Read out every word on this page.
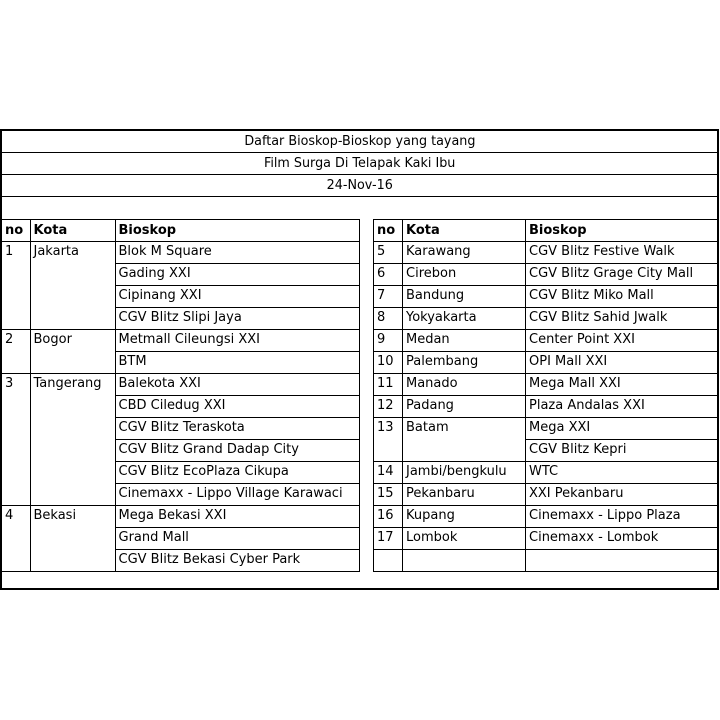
Daftar Bioskop-Bioskop yang tayang
Film Surga Di Telapak Kaki Ibu
24-Nov-16
no	Kota	Bioskop
1	Jakarta	Blok M Square
		Gading XXI
		Cipinang XXI
		CGV Blitz Slipi Jaya
2	Bogor	Metmall Cileungsi XXI
		BTM
3	Tangerang	Balekota XXI
		CBD Ciledug XXI
		CGV Blitz Teraskota
		CGV Blitz Grand Dadap City
		CGV Blitz EcoPlaza Cikupa
		Cinemaxx - Lippo Village Karawaci
4	Bekasi	Mega Bekasi XXI
		Grand Mall
		CGV Blitz Bekasi Cyber Park
no	Kota	Bioskop
5	Karawang	CGV Blitz Festive Walk
6	Cirebon	CGV Blitz Grage City Mall
7	Bandung	CGV Blitz Miko Mall
8	Yokyakarta	CGV Blitz Sahid Jwalk
9	Medan	Center Point XXI
10	Palembang	OPI Mall XXI
11	Manado	Mega Mall XXI
12	Padang	Plaza Andalas XXI
13	Batam	Mega XXI
		CGV Blitz Kepri
14	Jambi/bengkulu	WTC
15	Pekanbaru	XXI Pekanbaru
16	Kupang	Cinemaxx - Lippo Plaza
17	Lombok	Cinemaxx - Lombok
